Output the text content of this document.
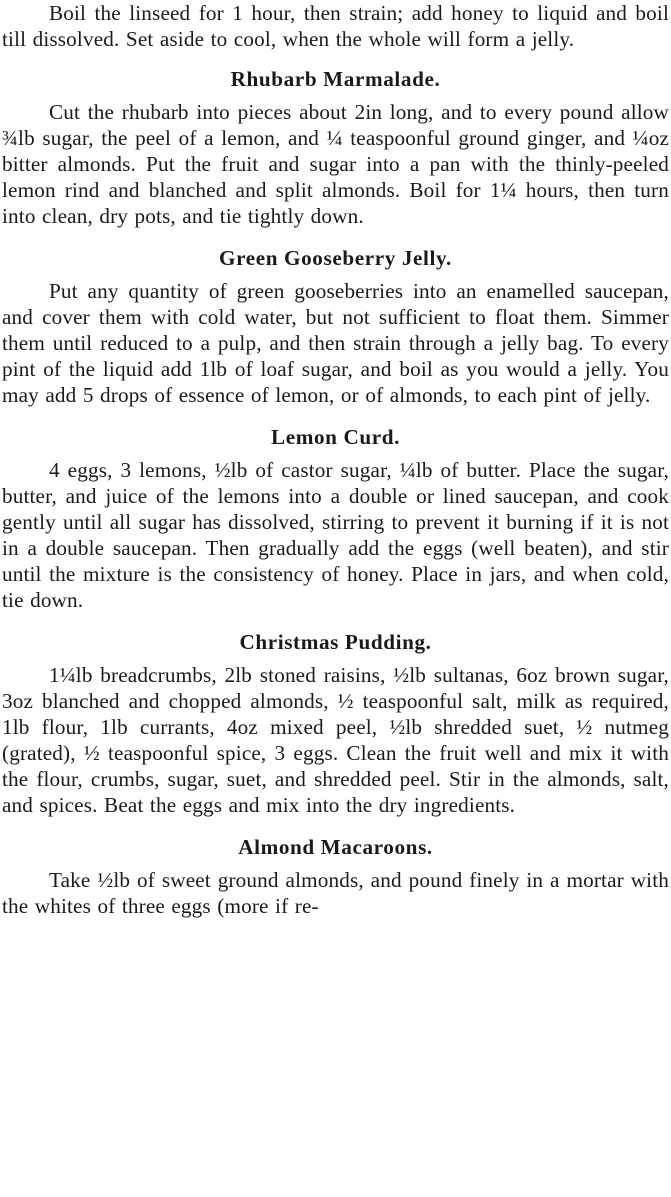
Boil the linseed for 1 hour, then strain; add honey to liquid and boil till dissolved. Set aside to cool, when the whole will form a jelly.

Rhubarb Marmalade.

Cut the rhubarb into pieces about 2in long, and to every pound allow ¾lb sugar, the peel of a lemon, and ¼ teaspoonful ground ginger, and ¼oz bitter almonds. Put the fruit and sugar into a pan with the thinly-peeled lemon rind and blanched and split almonds. Boil for 1¼ hours, then turn into clean, dry pots, and tie tightly down.

Green Gooseberry Jelly.

Put any quantity of green gooseberries into an enamelled saucepan, and cover them with cold water, but not sufficient to float them. Simmer them until reduced to a pulp, and then strain through a jelly bag. To every pint of the liquid add 1lb of loaf sugar, and boil as you would a jelly. You may add 5 drops of essence of lemon, or of almonds, to each pint of jelly.

Lemon Curd.

4 eggs, 3 lemons, ½lb of castor sugar, ¼lb of butter. Place the sugar, butter, and juice of the lemons into a double or lined saucepan, and cook gently until all sugar has dissolved, stirring to prevent it burning if it is not in a double saucepan. Then gradually add the eggs (well beaten), and stir until the mixture is the consistency of honey. Place in jars, and when cold, tie down.

Christmas Pudding.

1¼lb breadcrumbs, 2lb stoned raisins, ½lb sultanas, 6oz brown sugar, 3oz blanched and chopped almonds, ½ teaspoonful salt, milk as required, 1lb flour, 1lb currants, 4oz mixed peel, ½lb shredded suet, ½ nutmeg (grated), ½ teaspoonful spice, 3 eggs. Clean the fruit well and mix it with the flour, crumbs, sugar, suet, and shredded peel. Stir in the almonds, salt, and spices. Beat the eggs and mix into the dry ingredients.

Almond Macaroons.

Take ½lb of sweet ground almonds, and pound finely in a mortar with the whites of three eggs (more if re-
